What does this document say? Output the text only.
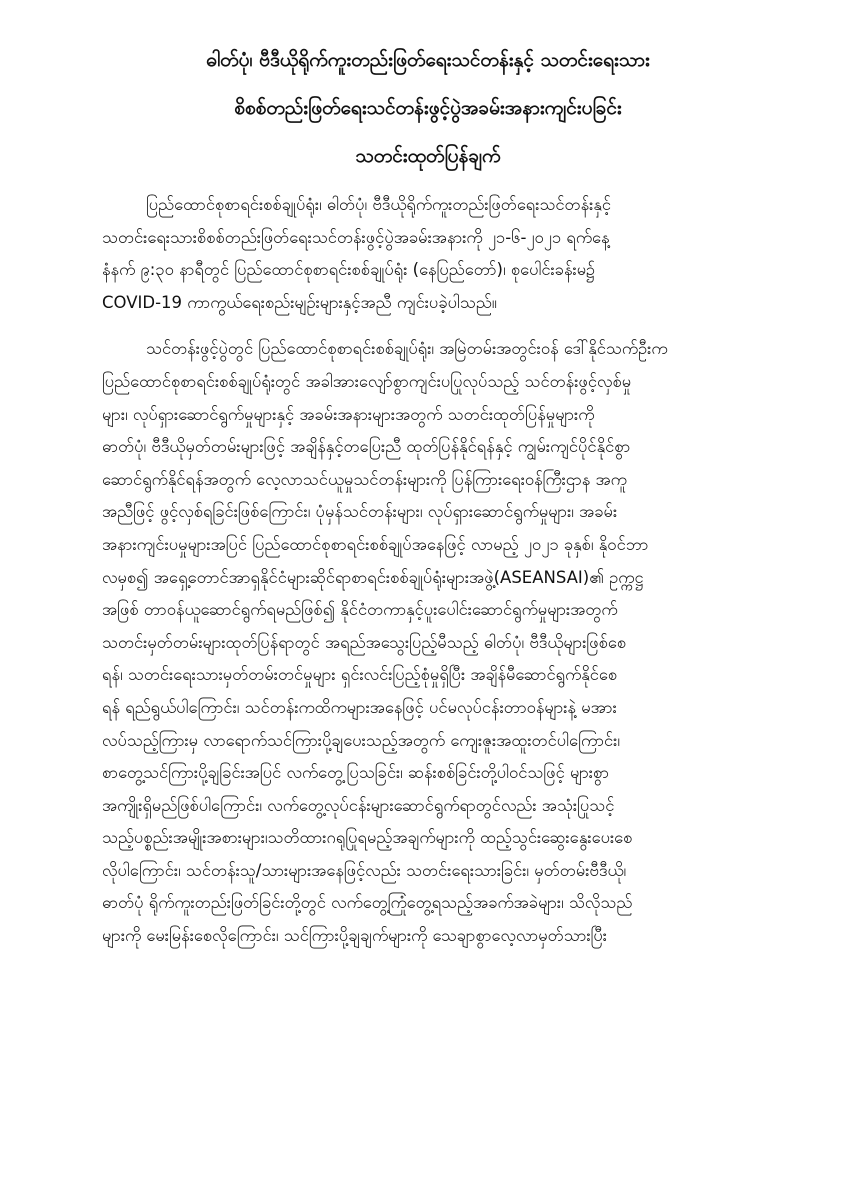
ဓါတ်ပုံ၊ ဗီဒီယိုရိုက်ကူးတည်းဖြတ်ရေးသင်တန်းနှင့် သတင်းရေးသား
စိစစ်တည်းဖြတ်ရေးသင်တန်းဖွင့်ပွဲအခမ်းအနားကျင်းပခြင်း
သတင်းထုတ်ပြန်ချက်

ပြည်ထောင်စုစာရင်းစစ်ချုပ်ရုံး၊ ဓါတ်ပုံ၊ ဗီဒီယိုရိုက်ကူးတည်းဖြတ်ရေးသင်တန်းနှင့်
သတင်းရေးသားစိစစ်တည်းဖြတ်ရေးသင်တန်းဖွင့်ပွဲအခမ်းအနားကို ၂၁-၆-၂၀၂၁ ရက်နေ့
နံနက် ၉:၃၀ နာရီတွင် ပြည်ထောင်စုစာရင်းစစ်ချုပ်ရုံး (နေပြည်တော်)၊ စုပေါင်းခန်းမ၌
COVID-19 ကာကွယ်ရေးစည်းမျဉ်းများနှင့်အညီ ကျင်းပခဲ့ပါသည်။

သင်တန်းဖွင့်ပွဲတွင် ပြည်ထောင်စုစာရင်းစစ်ချုပ်ရုံး၊ အမြဲတမ်းအတွင်းဝန် ဒေါ်နိုင်သက်ဦးက
ပြည်ထောင်စုစာရင်းစစ်ချုပ်ရုံးတွင် အခါအားလျော်စွာကျင်းပပြုလုပ်သည့် သင်တန်းဖွင့်လှစ်မှု
များ၊ လုပ်ရှားဆောင်ရွက်မှုများနှင့် အခမ်းအနားများအတွက် သတင်းထုတ်ပြန်မှုများကို
ဓာတ်ပုံ၊ ဗီဒီယိုမှတ်တမ်းများဖြင့် အချိန်နှင့်တပြေးညီ ထုတ်ပြန်နိုင်ရန်နှင့် ကျွမ်းကျင်ပိုင်နိုင်စွာ
ဆောင်ရွက်နိုင်ရန်အတွက် လေ့လာသင်ယူမှုသင်တန်းများကို ပြန်ကြားရေးဝန်ကြီးဌာန အကူ
အညီဖြင့် ဖွင့်လှစ်ရခြင်းဖြစ်ကြောင်း၊ ပုံမှန်သင်တန်းများ၊ လုပ်ရှားဆောင်ရွက်မှုများ၊ အခမ်း
အနားကျင်းပမှုများအပြင် ပြည်ထောင်စုစာရင်းစစ်ချုပ်အနေဖြင့် လာမည့် ၂၀၂၁ ခုနှစ်၊ နိုဝင်ဘာ
လမှစ၍ အရှေ့တောင်အာရှနိုင်ငံများဆိုင်ရာစာရင်းစစ်ချုပ်ရုံးများအဖွဲ့(ASEANSAI)၏ ဥက္ကဋ္ဌ
အဖြစ် တာဝန်ယူဆောင်ရွက်ရမည်ဖြစ်၍ နိုင်ငံတကာနှင့်ပူးပေါင်းဆောင်ရွက်မှုများအတွက်
သတင်းမှတ်တမ်းများထုတ်ပြန်ရာတွင် အရည်အသွေးပြည့်မီသည့် ဓါတ်ပုံ၊ ဗီဒီယိုများဖြစ်စေ
ရန်၊ သတင်းရေးသားမှတ်တမ်းတင်မှုများ ရှင်းလင်းပြည့်စုံမှုရှိပြီး အချိန်မီဆောင်ရွက်နိုင်စေ
ရန် ရည်ရွယ်ပါကြောင်း၊ သင်တန်းကထိကများအနေဖြင့် ပင်မလုပ်ငန်းတာဝန်များနဲ့ မအား
လပ်သည့်ကြားမှ လာရောက်သင်ကြားပို့ချပေးသည့်အတွက် ကျေးဇူးအထူးတင်ပါကြောင်း၊
စာတွေ့သင်ကြားပို့ချခြင်းအပြင် လက်တွေ့ပြသခြင်း၊ ဆန်းစစ်ခြင်းတို့ပါဝင်သဖြင့် များစွာ
အကျိုးရှိမည်ဖြစ်ပါကြောင်း၊ လက်တွေ့လုပ်ငန်းများဆောင်ရွက်ရာတွင်လည်း အသုံးပြုသင့်
သည့်ပစ္စည်းအမျိုးအစားများ၊သတိထားဂရုပြုရမည့်အချက်များကို ထည့်သွင်းဆွေးနွေးပေးစေ
လိုပါကြောင်း၊ သင်တန်းသူ/သားများအနေဖြင့်လည်း သတင်းရေးသားခြင်း၊ မှတ်တမ်းဗီဒီယို၊
ဓာတ်ပုံ ရိုက်ကူးတည်းဖြတ်ခြင်းတို့တွင် လက်တွေ့ကြုံတွေ့ရသည့်အခက်အခဲများ၊ သိလိုသည်
များကို မေးမြန်းစေလိုကြောင်း၊ သင်ကြားပို့ချချက်များကို သေချာစွာလေ့လာမှတ်သားပြီး
